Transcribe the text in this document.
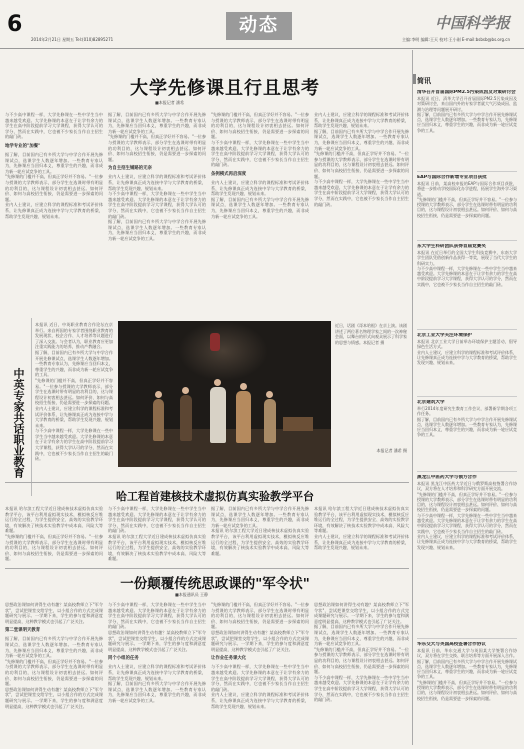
6
2014年2月21日 星期五 Tel:(010)82895271
动态	中国科学报
主编:李明 编辑:王天 校对:王小刚 E-mail:bsbsb@bs.org.cn
大学先修课且行且思考
■本报记者 潘希
与不少高中课程一样，大学先修课在一些中学生当中越来越受欢迎。大学先修课的本意在于让学有余力的学生在高中阶段提前学习大学课程，获得大学认可的学分，然而在实践中，它也被不少家长当作自主招生的敲门砖。
地学专业的"加餐"
据了解，目前国内已有多所大学与中学合作开展先修课试点，选课学生人数逐年增加。一些教育专家认为，先修课应当回归本义，尊重学生的兴趣，而非成为新一轮应试竞争的工具。
"先修课的门槛并不高，但真正学好并不容易。"一位参与授课的大学教师表示，部分学生在选课时带有明显的功利目的，这与课程设计初衷相去甚远。如何评价、如何与高校招生衔接，仍是需要进一步探索的问题。
业内人士建议，应建立科学的课程标准和考试评价体系，让先修课真正成为连接中学与大学教育的桥梁，帮助学生发现兴趣、规划未来。
据了解，目前国内已有多所大学与中学合作开展先修课试点，选课学生人数逐年增加。一些教育专家认为，先修课应当回归本义，尊重学生的兴趣，而非成为新一轮应试竞争的工具。
"先修课的门槛并不高，但真正学好并不容易。"一位参与授课的大学教师表示，部分学生在选课时带有明显的功利目的，这与课程设计初衷相去甚远。如何评价、如何与高校招生衔接，仍是需要进一步探索的问题。
为自主招生铺路的无奈
业内人士建议，应建立科学的课程标准和考试评价体系，让先修课真正成为连接中学与大学教育的桥梁，帮助学生发现兴趣、规划未来。
与不少高中课程一样，大学先修课在一些中学生当中越来越受欢迎。大学先修课的本意在于让学有余力的学生在高中阶段提前学习大学课程，获得大学认可的学分，然而在实践中，它也被不少家长当作自主招生的敲门砖。
据了解，目前国内已有多所大学与中学合作开展先修课试点，选课学生人数逐年增加。一些教育专家认为，先修课应当回归本义，尊重学生的兴趣，而非成为新一轮应试竞争的工具。
"先修课的门槛并不高，但真正学好并不容易。"一位参与授课的大学教师表示，部分学生在选课时带有明显的功利目的，这与课程设计初衷相去甚远。如何评价、如何与高校招生衔接，仍是需要进一步探索的问题。
与不少高中课程一样，大学先修课在一些中学生当中越来越受欢迎。大学先修课的本意在于让学有余力的学生在高中阶段提前学习大学课程，获得大学认可的学分，然而在实践中，它也被不少家长当作自主招生的敲门砖。
条例模式再启深度
业内人士建议，应建立科学的课程标准和考试评价体系，让先修课真正成为连接中学与大学教育的桥梁，帮助学生发现兴趣、规划未来。
据了解，目前国内已有多所大学与中学合作开展先修课试点，选课学生人数逐年增加。一些教育专家认为，先修课应当回归本义，尊重学生的兴趣，而非成为新一轮应试竞争的工具。
业内人士建议，应建立科学的课程标准和考试评价体系，让先修课真正成为连接中学与大学教育的桥梁，帮助学生发现兴趣、规划未来。
据了解，目前国内已有多所大学与中学合作开展先修课试点，选课学生人数逐年增加。一些教育专家认为，先修课应当回归本义，尊重学生的兴趣，而非成为新一轮应试竞争的工具。
"先修课的门槛并不高，但真正学好并不容易。"一位参与授课的大学教师表示，部分学生在选课时带有明显的功利目的，这与课程设计初衷相去甚远。如何评价、如何与高校招生衔接，仍是需要进一步探索的问题。
与不少高中课程一样，大学先修课在一些中学生当中越来越受欢迎。大学先修课的本意在于让学有余力的学生在高中阶段提前学习大学课程，获得大学认可的学分，然而在实践中，它也被不少家长当作自主招生的敲门砖。
中英专家共话职业教育
本报讯 近日，中英职业教育合作论坛在京举行。来自两国的专家学者围绕职业教育的发展现状、校企合作、人才培养等议题进行了深入交流。与会者认为，职业教育应更加注重实践能力的培养，推动产教融合。
据了解，目前国内已有多所大学与中学合作开展先修课试点，选课学生人数逐年增加。一些教育专家认为，先修课应当回归本义，尊重学生的兴趣，而非成为新一轮应试竞争的工具。
"先修课的门槛并不高，但真正学好并不容易。"一位参与授课的大学教师表示，部分学生在选课时带有明显的功利目的，这与课程设计初衷相去甚远。如何评价、如何与高校招生衔接，仍是需要进一步探索的问题。
业内人士建议，应建立科学的课程标准和考试评价体系，让先修课真正成为连接中学与大学教育的桥梁，帮助学生发现兴趣、规划未来。
与不少高中课程一样，大学先修课在一些中学生当中越来越受欢迎。大学先修课的本意在于让学有余力的学生在高中阶段提前学习大学课程，获得大学认可的学分，然而在实践中，它也被不少家长当作自主招生的敲门砖。
近日，话剧《哥本哈根》在京上演。该剧讲述了两位著名物理学家之间的一次神秘会面，以舞台的形式向观众展示了科学家的思想与情感。本报记者 摄
本报记者 潘希 摄
哈工程首建核技术虚拟仿真实验教学平台
本报讯 哈尔滨工程大学近日建成核技术虚拟仿真实验教学平台，该平台利用虚拟现实技术，模拟核反应堆运行的全过程，为学生提供安全、高效的实验教学环境，有效解决了核技术实验教学中成本高、风险大等难题。
"先修课的门槛并不高，但真正学好并不容易。"一位参与授课的大学教师表示，部分学生在选课时带有明显的功利目的，这与课程设计初衷相去甚远。如何评价、如何与高校招生衔接，仍是需要进一步探索的问题。
与不少高中课程一样，大学先修课在一些中学生当中越来越受欢迎。大学先修课的本意在于让学有余力的学生在高中阶段提前学习大学课程，获得大学认可的学分，然而在实践中，它也被不少家长当作自主招生的敲门砖。
本报讯 哈尔滨工程大学近日建成核技术虚拟仿真实验教学平台，该平台利用虚拟现实技术，模拟核反应堆运行的全过程，为学生提供安全、高效的实验教学环境，有效解决了核技术实验教学中成本高、风险大等难题。
据了解，目前国内已有多所大学与中学合作开展先修课试点，选课学生人数逐年增加。一些教育专家认为，先修课应当回归本义，尊重学生的兴趣，而非成为新一轮应试竞争的工具。
本报讯 哈尔滨工程大学近日建成核技术虚拟仿真实验教学平台，该平台利用虚拟现实技术，模拟核反应堆运行的全过程，为学生提供安全、高效的实验教学环境，有效解决了核技术实验教学中成本高、风险大等难题。
本报讯 哈尔滨工程大学近日建成核技术虚拟仿真实验教学平台，该平台利用虚拟现实技术，模拟核反应堆运行的全过程，为学生提供安全、高效的实验教学环境，有效解决了核技术实验教学中成本高、风险大等难题。
业内人士建议，应建立科学的课程标准和考试评价体系，让先修课真正成为连接中学与大学教育的桥梁，帮助学生发现兴趣、规划未来。
一份颠覆传统思政课的"军令状"
■本报通讯员 王静
思想政治课如何讲得生动有趣？某高校教师立下"军令状"，尝试把课堂交给学生，以小组合作的方式完成课题研究与展示。一学期下来，学生的参与度和满意度明显提高，这种教学模式也引起了广泛关注。
第二堂课明天教育
据了解，目前国内已有多所大学与中学合作开展先修课试点，选课学生人数逐年增加。一些教育专家认为，先修课应当回归本义，尊重学生的兴趣，而非成为新一轮应试竞争的工具。
"先修课的门槛并不高，但真正学好并不容易。"一位参与授课的大学教师表示，部分学生在选课时带有明显的功利目的，这与课程设计初衷相去甚远。如何评价、如何与高校招生衔接，仍是需要进一步探索的问题。
思想政治课如何讲得生动有趣？某高校教师立下"军令状"，尝试把课堂交给学生，以小组合作的方式完成课题研究与展示。一学期下来，学生的参与度和满意度明显提高，这种教学模式也引起了广泛关注。
与不少高中课程一样，大学先修课在一些中学生当中越来越受欢迎。大学先修课的本意在于让学有余力的学生在高中阶段提前学习大学课程，获得大学认可的学分，然而在实践中，它也被不少家长当作自主招生的敲门砖。
思想政治课如何讲得生动有趣？某高校教师立下"军令状"，尝试把课堂交给学生，以小组合作的方式完成课题研究与展示。一学期下来，学生的参与度和满意度明显提高，这种教学模式也引起了广泛关注。
同个小组的任务
业内人士建议，应建立科学的课程标准和考试评价体系，让先修课真正成为连接中学与大学教育的桥梁，帮助学生发现兴趣、规划未来。
据了解，目前国内已有多所大学与中学合作开展先修课试点，选课学生人数逐年增加。一些教育专家认为，先修课应当回归本义，尊重学生的兴趣，而非成为新一轮应试竞争的工具。
"先修课的门槛并不高，但真正学好并不容易。"一位参与授课的大学教师表示，部分学生在选课时带有明显的功利目的，这与课程设计初衷相去甚远。如何评价、如何与高校招生衔接，仍是需要进一步探索的问题。
思想政治课如何讲得生动有趣？某高校教师立下"军令状"，尝试把课堂交给学生，以小组合作的方式完成课题研究与展示。一学期下来，学生的参与度和满意度明显提高，这种教学模式也引起了广泛关注。
让作业任务课大化
与不少高中课程一样，大学先修课在一些中学生当中越来越受欢迎。大学先修课的本意在于让学有余力的学生在高中阶段提前学习大学课程，获得大学认可的学分，然而在实践中，它也被不少家长当作自主招生的敲门砖。
业内人士建议，应建立科学的课程标准和考试评价体系，让先修课真正成为连接中学与大学教育的桥梁，帮助学生发现兴趣、规划未来。
思想政治课如何讲得生动有趣？某高校教师立下"军令状"，尝试把课堂交给学生，以小组合作的方式完成课题研究与展示。一学期下来，学生的参与度和满意度明显提高，这种教学模式也引起了广泛关注。
据了解，目前国内已有多所大学与中学合作开展先修课试点，选课学生人数逐年增加。一些教育专家认为，先修课应当回归本义，尊重学生的兴趣，而非成为新一轮应试竞争的工具。
"先修课的门槛并不高，但真正学好并不容易。"一位参与授课的大学教师表示，部分学生在选课时带有明显的功利目的，这与课程设计初衷相去甚远。如何评价、如何与高校招生衔接，仍是需要进一步探索的问题。
与不少高中课程一样，大学先修课在一些中学生当中越来越受欢迎。大学先修课的本意在于让学有余力的学生在高中阶段提前学习大学课程，获得大学认可的学分，然而在实践中，它也被不少家长当作自主招生的敲门砖。
简讯
清华召开首届国际PM2.5污染成因及对策研讨会
本报讯 近日，清华大学召开首届国际PM2.5污染成因及对策研讨会，来自国内外的专家学者就大气污染成因、监测与治理等问题展开研讨。
据了解，目前国内已有多所大学与中学合作开展先修课试点，选课学生人数逐年增加。一些教育专家认为，先修课应当回归本义，尊重学生的兴趣，而非成为新一轮应试竞争的工具。
EAP与国际合作新增专业项目获批
本报讯 日前，某高校申报的EAP与国际合作项目获批，将进一步推动学校国际化办学进程，拓展学生海外学习渠道。
"先修课的门槛并不高，但真正学好并不容易。"一位参与授课的大学教师表示，部分学生在选课时带有明显的功利目的，这与课程设计初衷相去甚远。如何评价、如何与高校招生衔接，仍是需要进一步探索的问题。
东大学生科研团队获得首届竞赛奖
本报讯 在近日举行的全国大学生科技竞赛中，东南大学学生团队凭借创新作品获得一等奖，展现了当代大学生的科研实力。
与不少高中课程一样，大学先修课在一些中学生当中越来越受欢迎。大学先修课的本意在于让学有余力的学生在高中阶段提前学习大学课程，获得大学认可的学分，然而在实践中，它也被不少家长当作自主招生的敲门砖。
北京工业大学关注环境保护
本报讯 北京工业大学日前举办环境保护主题活动，倡导绿色生活方式。
业内人士建议，应建立科学的课程标准和考试评价体系，让先修课真正成为连接中学与大学教育的桥梁，帮助学生发现兴趣、规划未来。
北京建筑大学
举行2014年度研究生教育工作会议，部署新学期各项工作任务。
据了解，目前国内已有多所大学与中学合作开展先修课试点，选课学生人数逐年增加。一些教育专家认为，先修课应当回归本义，尊重学生的兴趣，而非成为新一轮应试竞争的工具。
黑龙江中医药大学与俄方合作
本报讯 黑龙江中医药大学近日与俄罗斯高校签署合作协议，双方将在人才培养和科学研究方面开展交流。
"先修课的门槛并不高，但真正学好并不容易。"一位参与授课的大学教师表示，部分学生在选课时带有明显的功利目的，这与课程设计初衷相去甚远。如何评价、如何与高校招生衔接，仍是需要进一步探索的问题。
与不少高中课程一样，大学先修课在一些中学生当中越来越受欢迎。大学先修课的本意在于让学有余力的学生在高中阶段提前学习大学课程，获得大学认可的学分，然而在实践中，它也被不少家长当作自主招生的敲门砖。
业内人士建议，应建立科学的课程标准和考试评价体系，让先修课真正成为连接中学与大学教育的桥梁，帮助学生发现兴趣、规划未来。
华东交大与英国高校签署合作协议
本报讯 日前，华东交通大学与英国某大学签署合作协议，双方将在学生交换、联合培养等方面开展深入合作。
据了解，目前国内已有多所大学与中学合作开展先修课试点，选课学生人数逐年增加。一些教育专家认为，先修课应当回归本义，尊重学生的兴趣，而非成为新一轮应试竞争的工具。
"先修课的门槛并不高，但真正学好并不容易。"一位参与授课的大学教师表示，部分学生在选课时带有明显的功利目的，这与课程设计初衷相去甚远。如何评价、如何与高校招生衔接，仍是需要进一步探索的问题。
